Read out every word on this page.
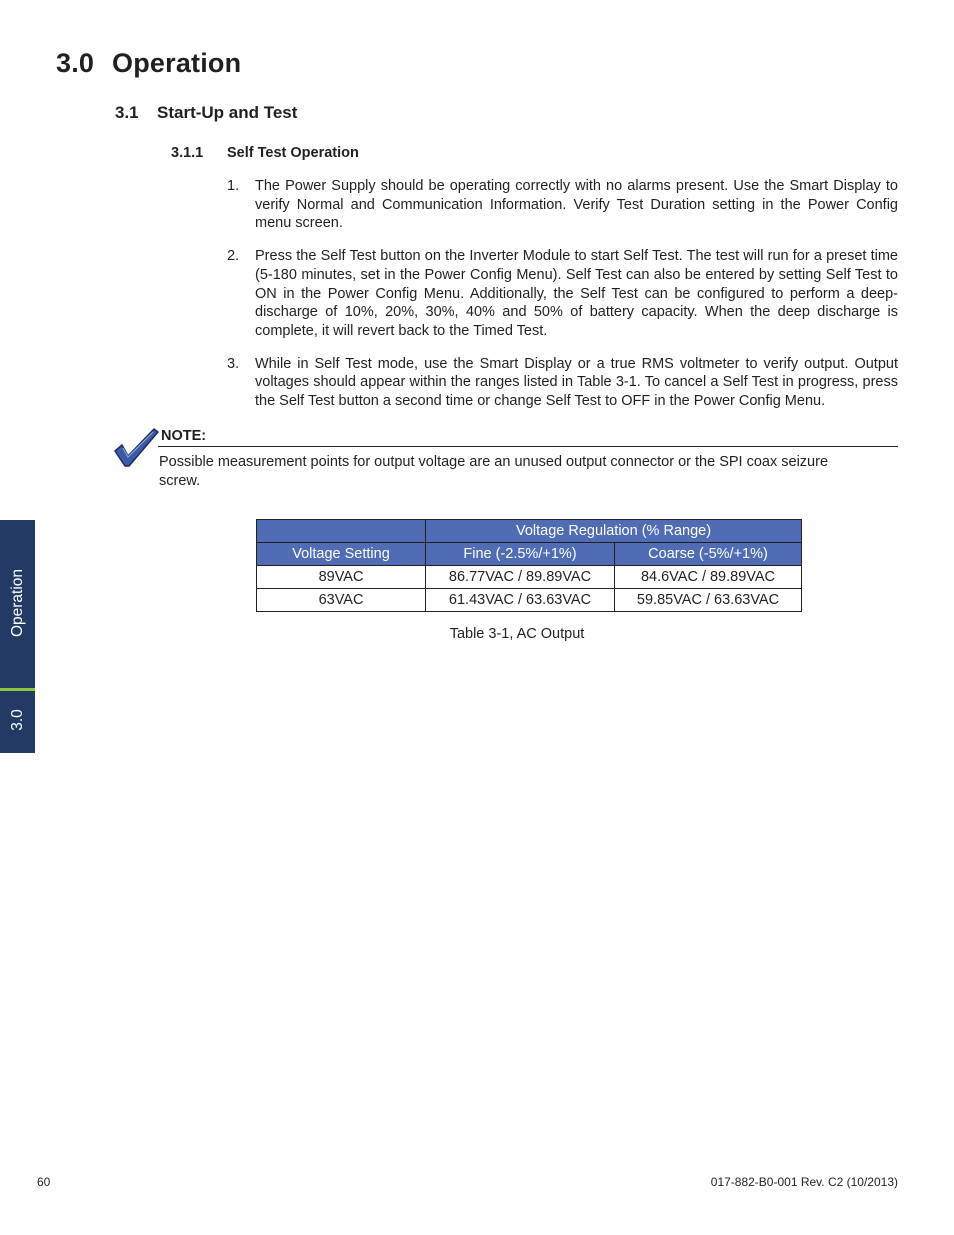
3.0 Operation
3.1 Start-Up and Test
3.1.1 Self Test Operation
1.	The Power Supply should be operating correctly with no alarms present. Use the Smart Display to verify Normal and Communication Information. Verify Test Duration setting in the Power Config menu screen.
2.	Press the Self Test button on the Inverter Module to start Self Test. The test will run for a preset time (5-180 minutes, set in the Power Config Menu). Self Test can also be entered by setting Self Test to ON in the Power Config Menu. Additionally, the Self Test can be configured to perform a deep-discharge of 10%, 20%, 30%, 40% and 50% of battery capacity. When the deep discharge is complete, it will revert back to the Timed Test.
3.	While in Self Test mode, use the Smart Display or a true RMS voltmeter to verify output. Output voltages should appear within the ranges listed in Table 3-1. To cancel a Self Test in progress, press the Self Test button a second time or change Self Test to OFF in the Power Config Menu.
NOTE:
Possible measurement points for output voltage are an unused output connector or the SPI coax seizure screw.
	Voltage Regulation (% Range)	
Voltage Setting	Fine (-2.5%/+1%)	Coarse (-5%/+1%)
89VAC	86.77VAC / 89.89VAC	84.6VAC / 89.89VAC
63VAC	61.43VAC / 63.63VAC	59.85VAC / 63.63VAC
Table 3-1, AC Output
Operation
3.0
60	017-882-B0-001 Rev. C2 (10/2013)
